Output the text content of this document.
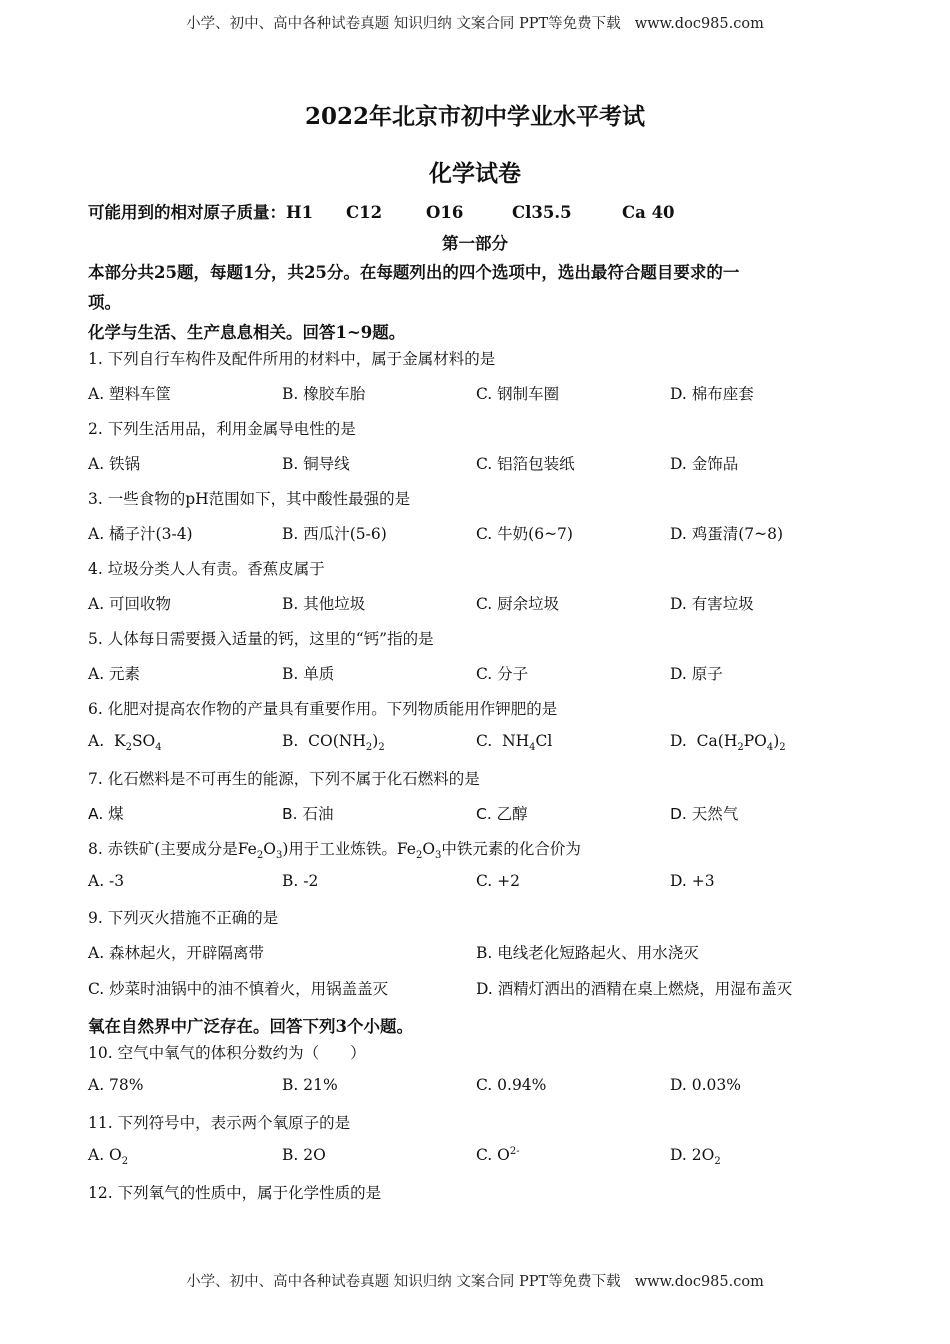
小学、初中、高中各种试卷真题 知识归纳 文案合同 PPT等免费下载 www.doc985.com
2022年北京市初中学业水平考试
化学试卷
可能用到的相对原子质量：H1 C12	O16	Cl35.5	Ca 40
第一部分
本部分共25题，每题1分，共25分。在每题列出的四个选项中，选出最符合题目要求的一
项。
化学与生活、生产息息相关。回答1~9题。
1. 下列自行车构件及配件所用的材料中，属于金属材料的是
A. 塑料车筐	B. 橡胶车胎	C. 钢制车圈	D. 棉布座套
2. 下列生活用品，利用金属导电性的是
A. 铁锅	B. 铜导线	C. 铝箔包装纸	D. 金饰品
3. 一些食物的pH范围如下，其中酸性最强的是
A. 橘子汁(3-4)	B. 西瓜汁(5-6)	C. 牛奶(6~7)	D. 鸡蛋清(7~8)
4. 垃圾分类人人有责。香蕉皮属于
A. 可回收物	B. 其他垃圾	C. 厨余垃圾	D. 有害垃圾
5. 人体每日需要摄入适量的钙，这里的“钙”指的是
A. 元素	B. 单质	C. 分子	D. 原子
6. 化肥对提高农作物的产量具有重要作用。下列物质能用作钾肥的是
A.  $K_2SO_4$	B.  $CO(NH_2)_2$	C.  $NH_4Cl$	D.  $Ca(H_2PO_4)_2$
7. 化石燃料是不可再生的能源，下列不属于化石燃料的是
A. 煤	B. 石油	C. 乙醇	D. 天然气
8. 赤铁矿(主要成分是$Fe_2O_3$)用于工业炼铁。$Fe_2O_3$中铁元素的化合价为
A. -3	B. -2	C. +2	D. +3
9. 下列灭火措施不正确的是
A. 森林起火，开辟隔离带	B. 电线老化短路起火、用水浇灭
C. 炒菜时油锅中的油不慎着火，用锅盖盖灭	D. 酒精灯洒出的酒精在桌上燃烧，用湿布盖灭
氧在自然界中广泛存在。回答下列3个小题。
10. 空气中氧气的体积分数约为（　　）
A. 78%	B. 21%	C. 0.94%	D. 0.03%
11. 下列符号中，表示两个氧原子的是
A. $O_2$	B. 2O	C. $O^{2-}$	D. $2O_2$
12. 下列氧气的性质中，属于化学性质的是
小学、初中、高中各种试卷真题 知识归纳 文案合同 PPT等免费下载 www.doc985.com
